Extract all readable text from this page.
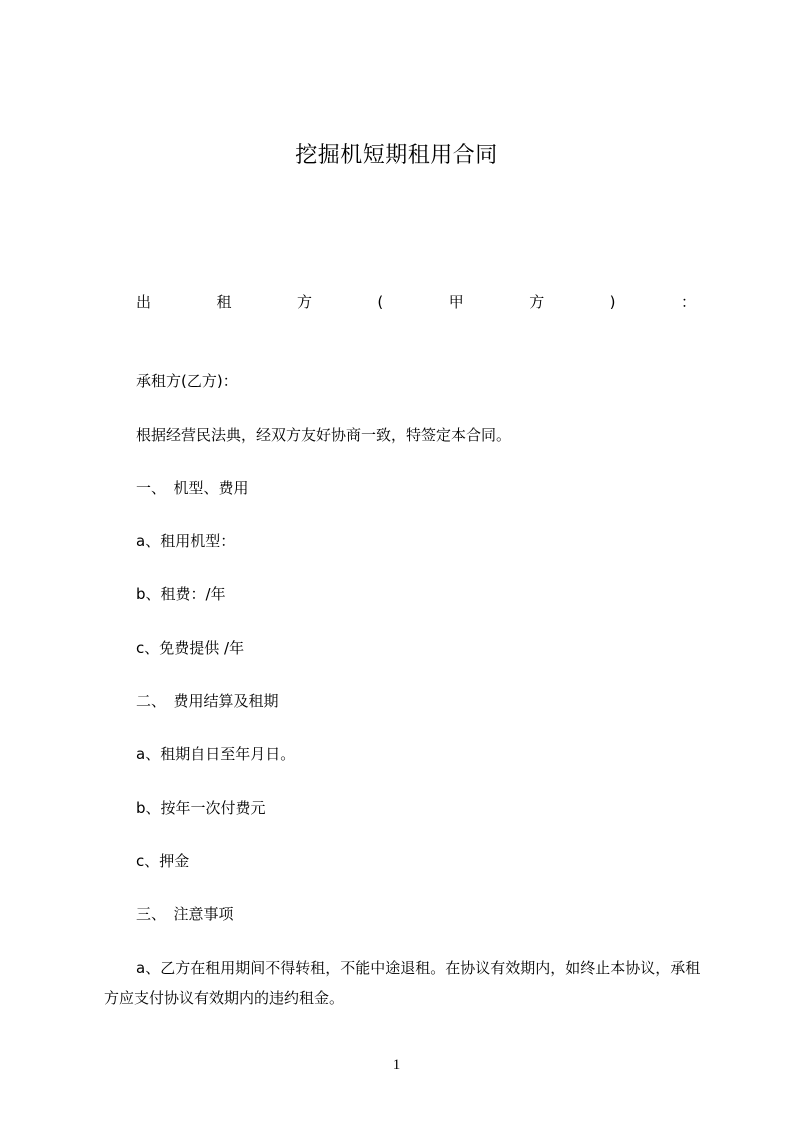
挖掘机短期租用合同
出	租	方	(	甲	方	)	：
承租方(乙方)：
根据经营民法典，经双方友好协商一致，特签定本合同。
一、　机型、费用
a、租用机型：
b、租费：/年
c、免费提供 /年
二、　费用结算及租期
a、租期自日至年月日。
b、按年一次付费元
c、押金
三、　注意事项
a、乙方在租用期间不得转租，不能中途退租。在协议有效期内，如终止本协议，承租方应支付协议有效期内的违约租金。
1
